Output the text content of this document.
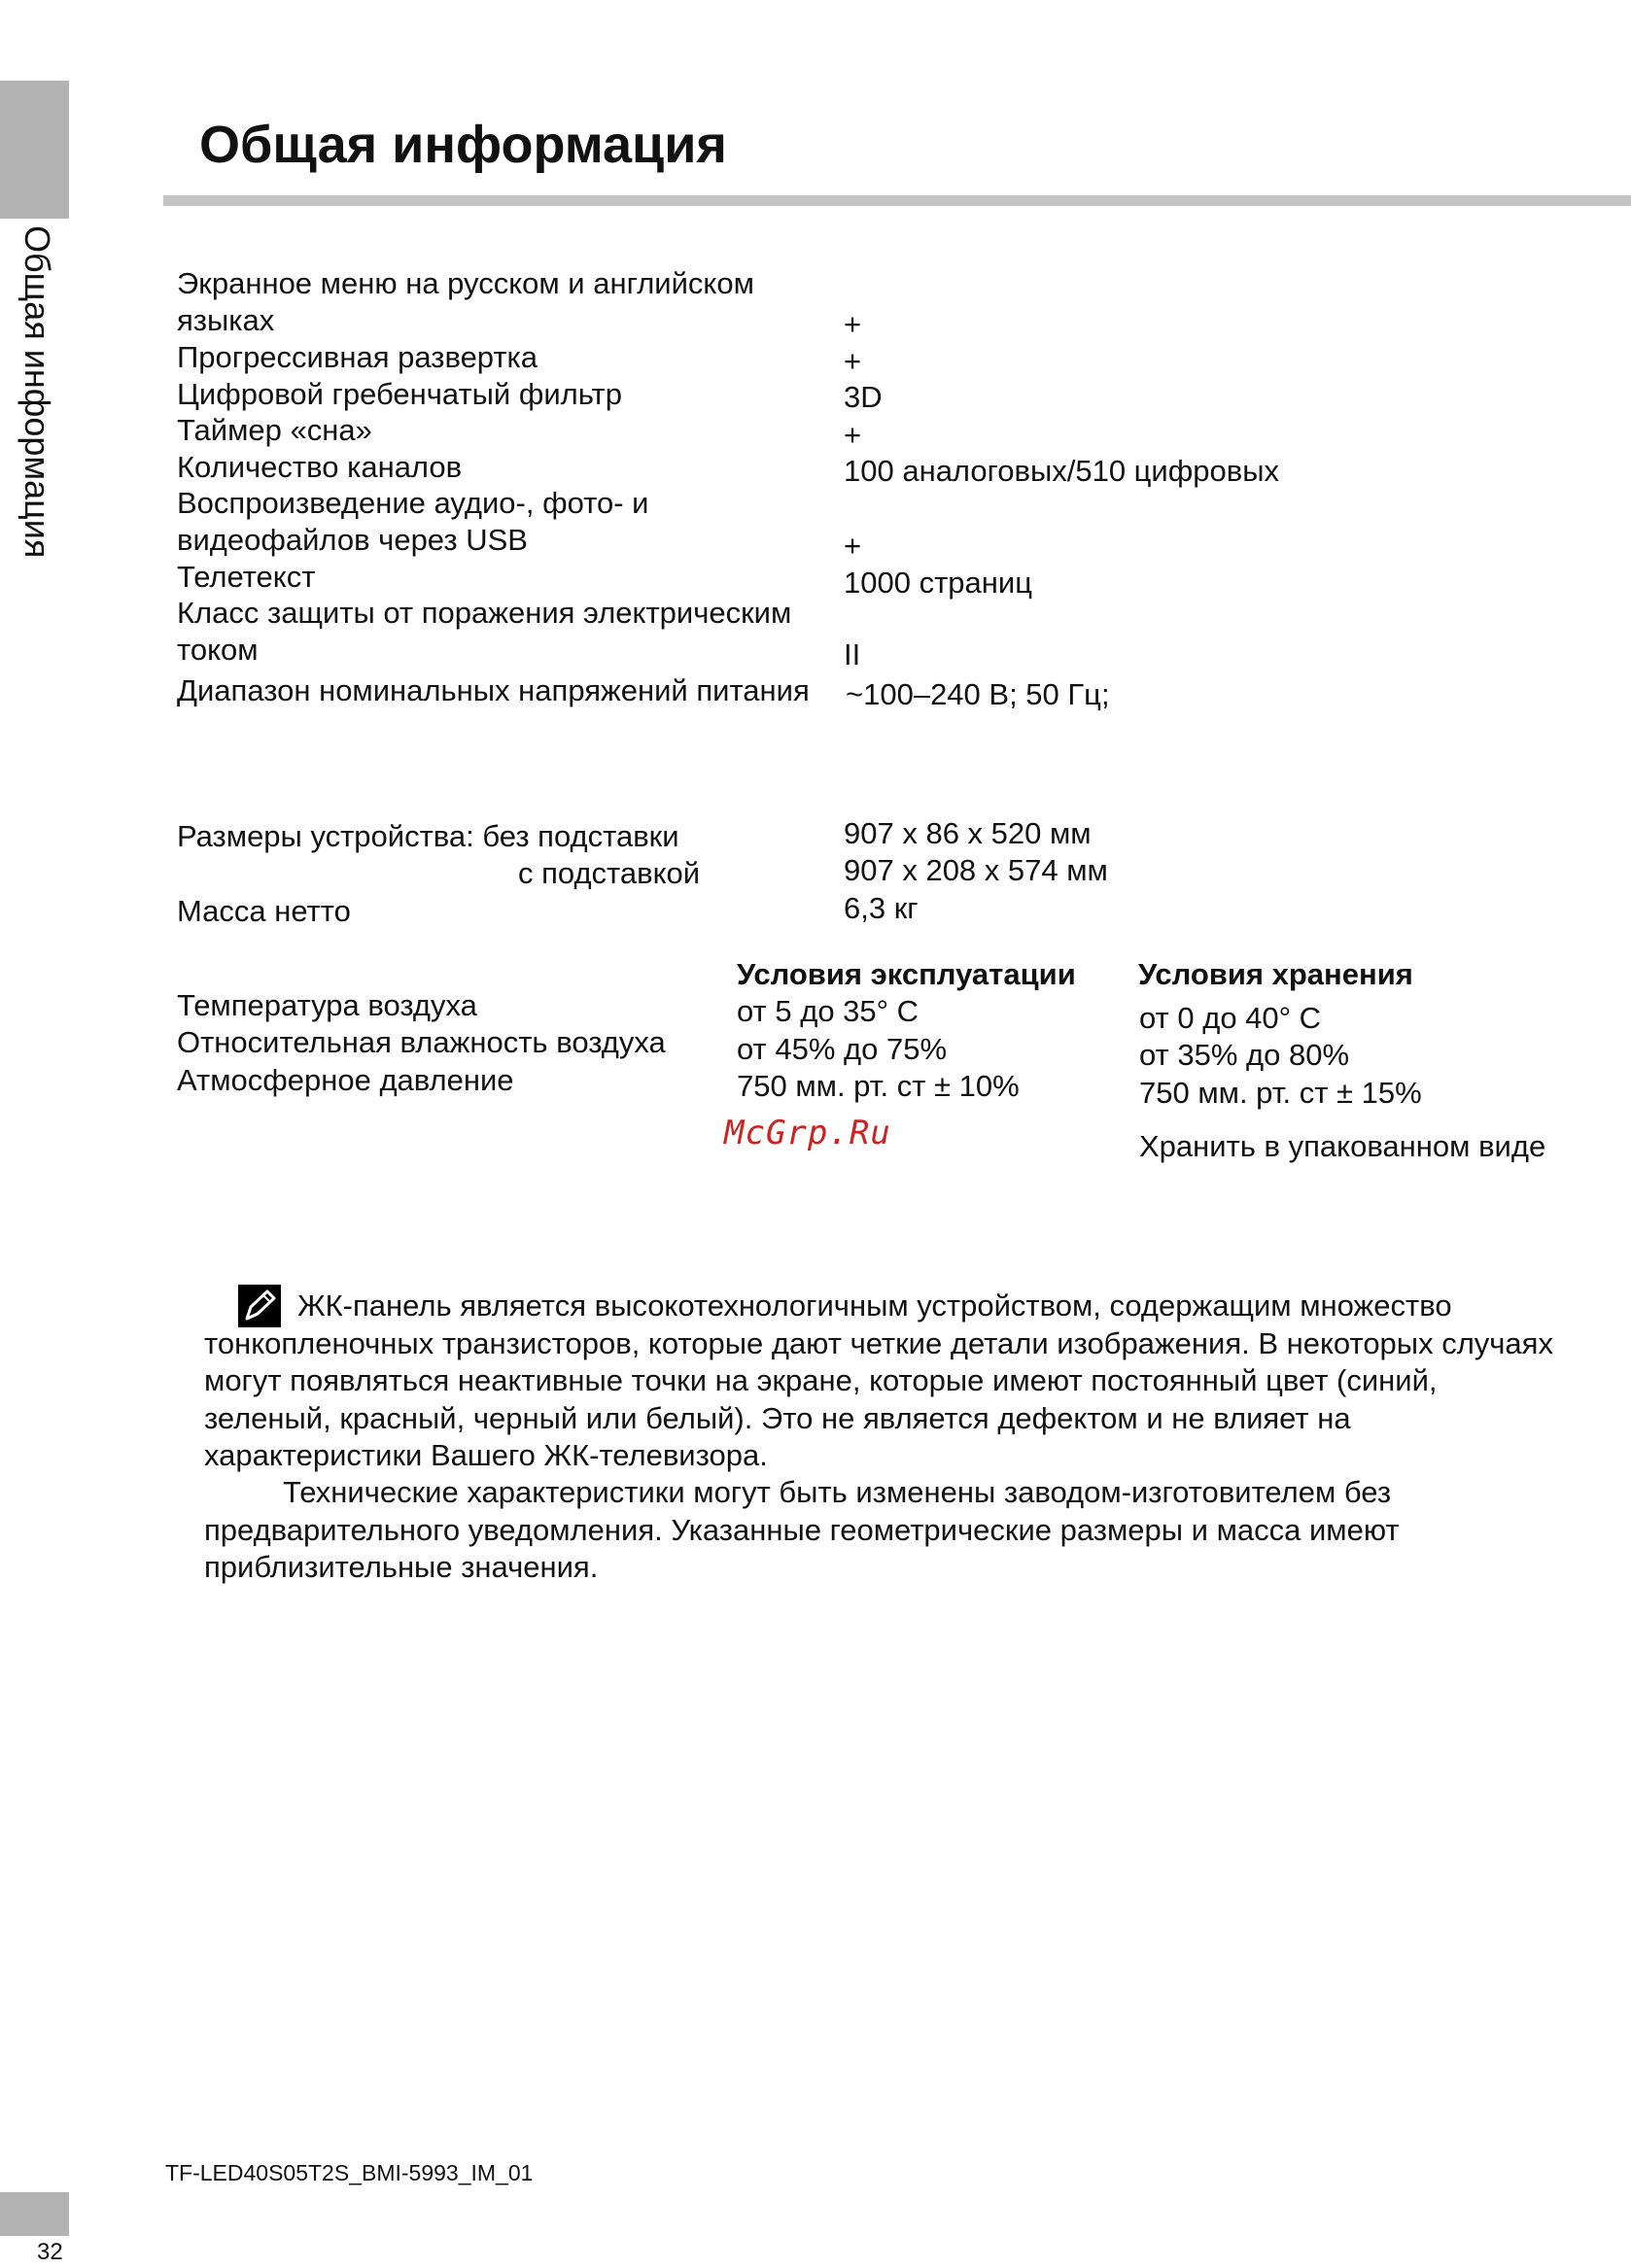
Общая информация
Общая информация
Экранное меню на русском и английском
языках	+
Прогрессивная развертка	+
Цифровой гребенчатый фильтр	3D
Таймер «сна»	+
Количество каналов	100 аналоговых/510 цифровых
Воспроизведение аудио-, фото- и
видеофайлов через USB	+
Телетекст	1000 страниц
Класс защиты от поражения электрическим
током	II
Диапазон номинальных напряжений питания ~100–240 В; 50 Гц;
Размеры устройства: без подставки	907 x 86 x 520 мм
с подставкой	907 x 208 x 574 мм
Масса нетто	6,3 кг
Условия эксплуатации Условия хранения
Температура воздуха	от 5 до 35° С	от 0 до 40° С
Относительная влажность воздуха от 45% до 75%	от 35% до 80%
Атмосферное давление	750 мм. рт. ст ± 10%	750 мм. рт. ст ± 15%
Хранить в упакованном виде
McGrp.Ru
ЖК-панель является высокотехнологичным устройством, содержащим множество тонкопленочных транзисторов, которые дают четкие детали изображения. В некоторых случаях могут появляться неактивные точки на экране, которые имеют постоянный цвет (синий, зеленый, красный, черный или белый). Это не является дефектом и не влияет на характеристики Вашего ЖК-телевизора.
Технические характеристики могут быть изменены заводом-изготовителем без предварительного уведомления. Указанные геометрические размеры и масса имеют приблизительные значения.
TF-LED40S05T2S_BMI-5993_IM_01
32
